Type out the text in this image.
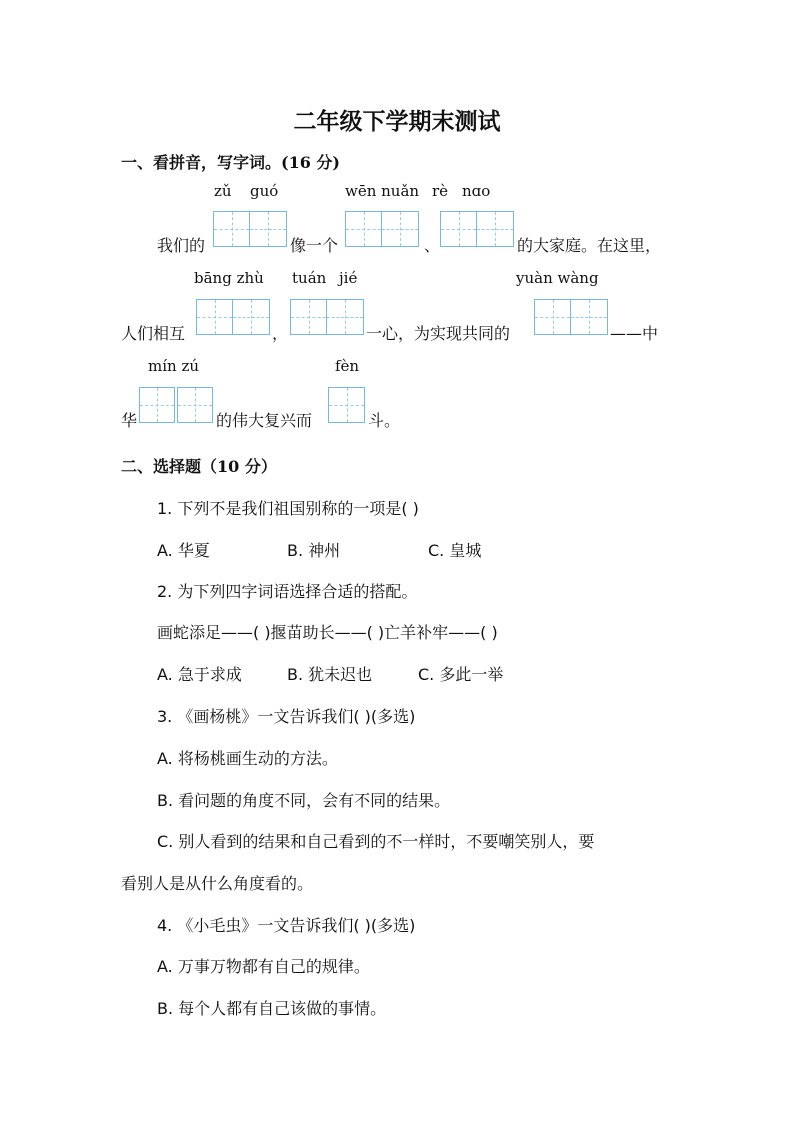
二年级下学期末测试
一、看拼音，写字词。(16 分)
zǔ guó	wēn nuǎn rè nɑo
我们的	像一个	、	的大家庭。在这里，
bāng zhù tuán jié	yuàn wàng
人们相互	，	一心，为实现共同的	——中
mín zú	fèn
华	的伟大复兴而	斗。
二、选择题（10 分）
1. 下列不是我们祖国别称的一项是( )
A. 华夏	B. 神州	C. 皇城
2. 为下列四字词语选择合适的搭配。
画蛇添足——( )揠苗助长——( )亡羊补牢——( )
A. 急于求成	B. 犹未迟也	C. 多此一举
3. 《画杨桃》一文告诉我们( )(多选)
A. 将杨桃画生动的方法。
B. 看问题的角度不同，会有不同的结果。
C. 别人看到的结果和自己看到的不一样时，不要嘲笑别人，要
看别人是从什么角度看的。
4. 《小毛虫》一文告诉我们( )(多选)
A. 万事万物都有自己的规律。
B. 每个人都有自己该做的事情。
